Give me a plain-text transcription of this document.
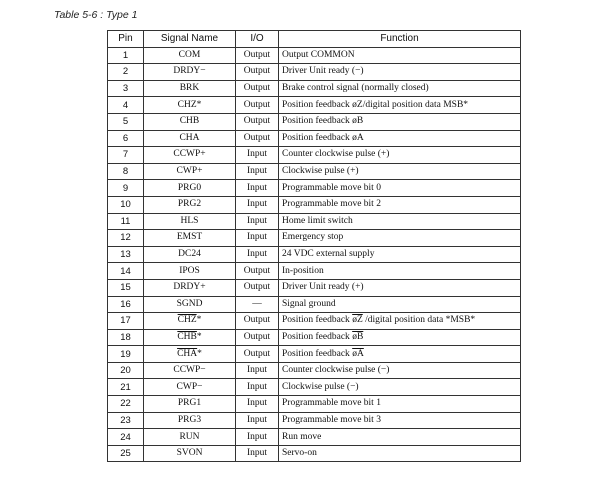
Table 5-6 : Type 1
Pin	Signal Name	I/O	Function
1	COM	Output	Output COMMON
2	DRDY−	Output	Driver Unit ready (−)
3	BRK	Output	Brake control signal (normally closed)
4	CHZ*	Output	Position feedback øZ/digital position data MSB*
5	CHB	Output	Position feedback øB
6	CHA	Output	Position feedback øA
7	CCWP+	Input	Counter clockwise pulse (+)
8	CWP+	Input	Clockwise pulse (+)
9	PRG0	Input	Programmable move bit 0
10	PRG2	Input	Programmable move bit 2
11	HLS	Input	Home limit switch
12	EMST	Input	Emergency stop
13	DC24	Input	24 VDC external supply
14	IPOS	Output	In-position
15	DRDY+	Output	Driver Unit ready (+)
16	SGND	—	Signal ground
17	$\overline{CHZ}*$	Output	Position feedback $\overline{øZ}$ /digital position data *MSB*
18	$\overline{CHB}*$	Output	Position feedback $\overline{øB}$
19	$\overline{CHA}*$	Output	Position feedback $\overline{øA}$
20	CCWP−	Input	Counter clockwise pulse (−)
21	CWP−	Input	Clockwise pulse (−)
22	PRG1	Input	Programmable move bit 1
23	PRG3	Input	Programmable move bit 3
24	RUN	Input	Run move
25	SVON	Input	Servo-on
